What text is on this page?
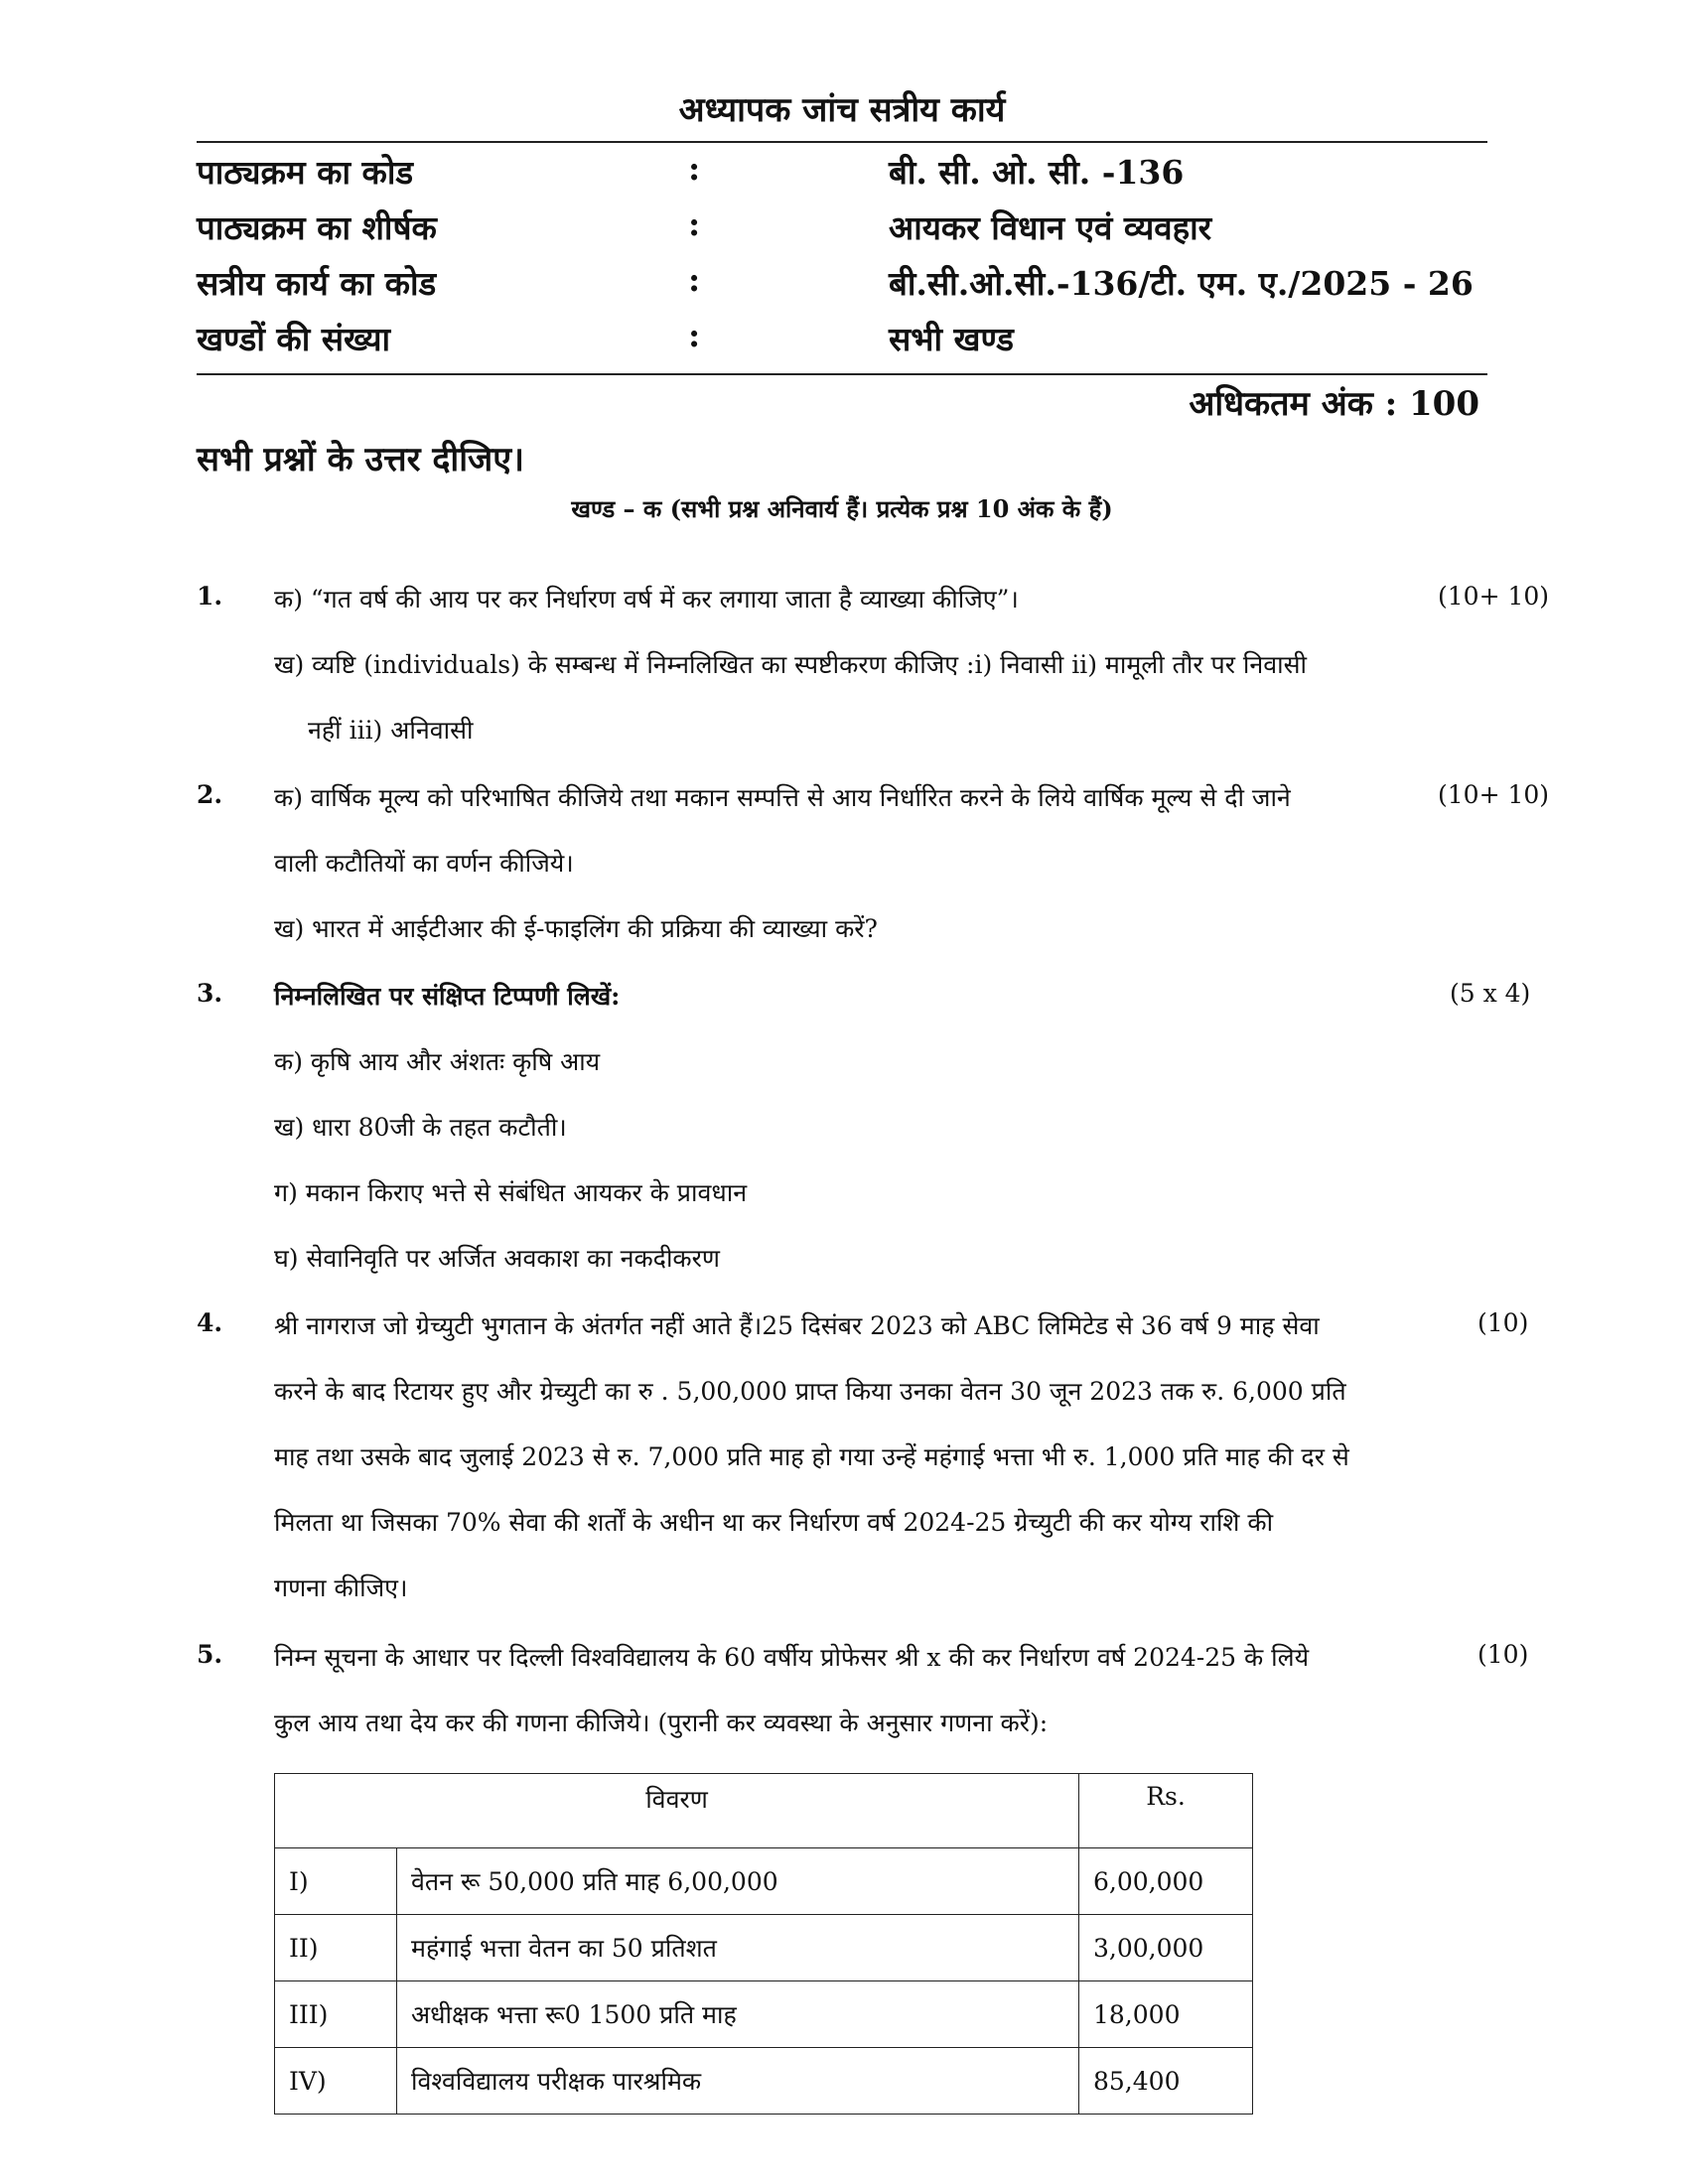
अध्यापक जांच सत्रीय कार्य
पाठ्यक्रम का कोड	:	बी. सी. ओ. सी. -136
पाठ्यक्रम का शीर्षक	:	आयकर विधान एवं व्यवहार
सत्रीय कार्य का कोड	:	बी.सी.ओ.सी.-136/टी. एम. ए./2025 - 26
खण्डों की संख्या	:	सभी खण्ड
अधिकतम अंक : 100
सभी प्रश्नों के उत्तर दीजिए।
खण्ड – क (सभी प्रश्न अनिवार्य हैं। प्रत्येक प्रश्न 10 अंक के हैं)
1. क) “गत वर्ष की आय पर कर निर्धारण वर्ष में कर लगाया जाता है व्याख्या कीजिए”।
ख) व्यष्टि (individuals) के सम्बन्ध में निम्नलिखित का स्पष्टीकरण कीजिए :i) निवासी ii) मामूली तौर पर निवासी
नहीं iii) अनिवासी
(10+ 10)
2. क) वार्षिक मूल्य को परिभाषित कीजिये तथा मकान सम्पत्ति से आय निर्धारित करने के लिये वार्षिक मूल्य से दी जाने
वाली कटौतियों का वर्णन कीजिये।
ख) भारत में आईटीआर की ई-फाइलिंग की प्रक्रिया की व्याख्या करें?
(10+ 10)
3. निम्नलिखित पर संक्षिप्त टिप्पणी लिखें:
क) कृषि आय और अंशतः कृषि आय
ख) धारा 80जी के तहत कटौती।
ग) मकान किराए भत्ते से संबंधित आयकर के प्रावधान
घ) सेवानिवृति पर अर्जित अवकाश का नकदीकरण
(5 x 4)
4. श्री नागराज जो ग्रेच्युटी भुगतान के अंतर्गत नहीं आते हैं।25 दिसंबर 2023 को ABC लिमिटेड से 36 वर्ष 9 माह सेवा
करने के बाद रिटायर हुए और ग्रेच्युटी का रु . 5,00,000 प्राप्त किया उनका वेतन 30 जून 2023 तक रु. 6,000 प्रति
माह तथा उसके बाद जुलाई 2023 से रु. 7,000 प्रति माह हो गया उन्हें महंगाई भत्ता भी रु. 1,000 प्रति माह की दर से
मिलता था जिसका 70% सेवा की शर्तों के अधीन था कर निर्धारण वर्ष 2024-25 ग्रेच्युटी की कर योग्य राशि की
गणना कीजिए।
(10)
5. निम्न सूचना के आधार पर दिल्ली विश्वविद्यालय के 60 वर्षीय प्रोफेसर श्री x की कर निर्धारण वर्ष 2024-25 के लिये
कुल आय तथा देय कर की गणना कीजिये। (पुरानी कर व्यवस्था के अनुसार गणना करें):
(10)
विवरण		Rs.
I)	वेतन रू 50,000 प्रति माह 6,00,000	6,00,000
II)	महंगाई भत्ता वेतन का 50 प्रतिशत	3,00,000
III)	अधीक्षक भत्ता रू0 1500 प्रति माह	18,000
IV)	विश्वविद्यालय परीक्षक पारश्रमिक	85,400
